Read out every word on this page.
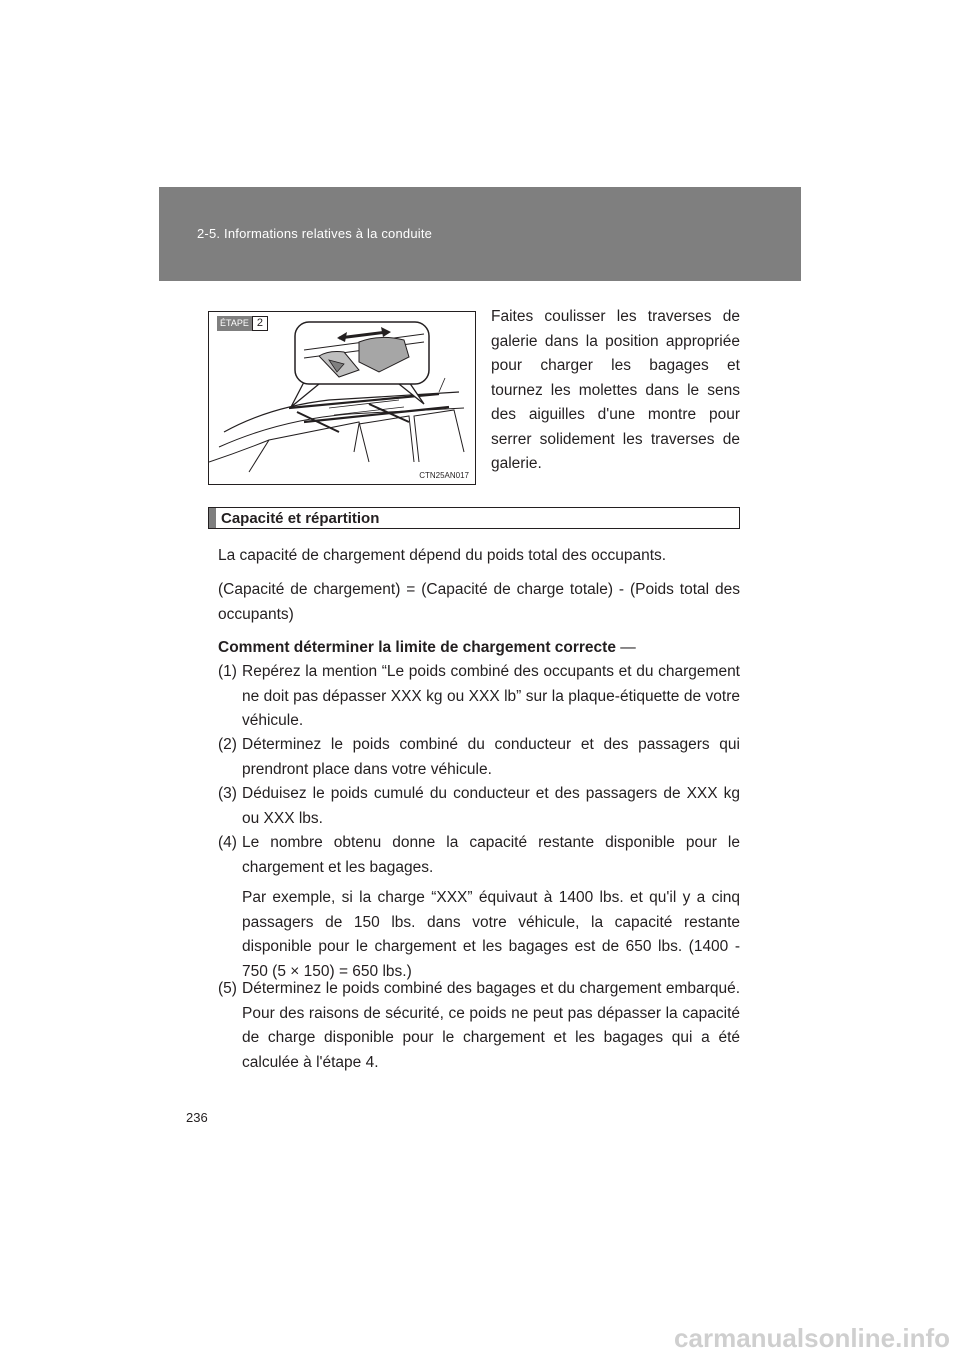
2-5. Informations relatives à la conduite
ÉTAPE 2
CTN25AN017
Faites coulisser les traverses de galerie dans la position appropriée pour charger les bagages et tournez les molettes dans le sens des aiguilles d'une montre pour serrer solidement les traverses de galerie.
Capacité et répartition
La capacité de chargement dépend du poids total des occupants.
(Capacité de chargement) = (Capacité de charge totale) - (Poids total des occupants)
Comment déterminer la limite de chargement correcte —
(1) Repérez la mention “Le poids combiné des occupants et du chargement ne doit pas dépasser XXX kg ou XXX lb” sur la plaque-étiquette de votre véhicule.
(2) Déterminez le poids combiné du conducteur et des passagers qui prendront place dans votre véhicule.
(3) Déduisez le poids cumulé du conducteur et des passagers de XXX kg ou XXX lbs.
(4) Le nombre obtenu donne la capacité restante disponible pour le chargement et les bagages.
Par exemple, si la charge “XXX” équivaut à 1400 lbs. et qu'il y a cinq passagers de 150 lbs. dans votre véhicule, la capacité restante disponible pour le chargement et les bagages est de 650 lbs. (1400 - 750 (5 × 150) = 650 lbs.)
(5) Déterminez le poids combiné des bagages et du chargement embarqué. Pour des raisons de sécurité, ce poids ne peut pas dépasser la capacité de charge disponible pour le chargement et les bagages qui a été calculée à l'étape 4.
236
carmanualsonline.info
